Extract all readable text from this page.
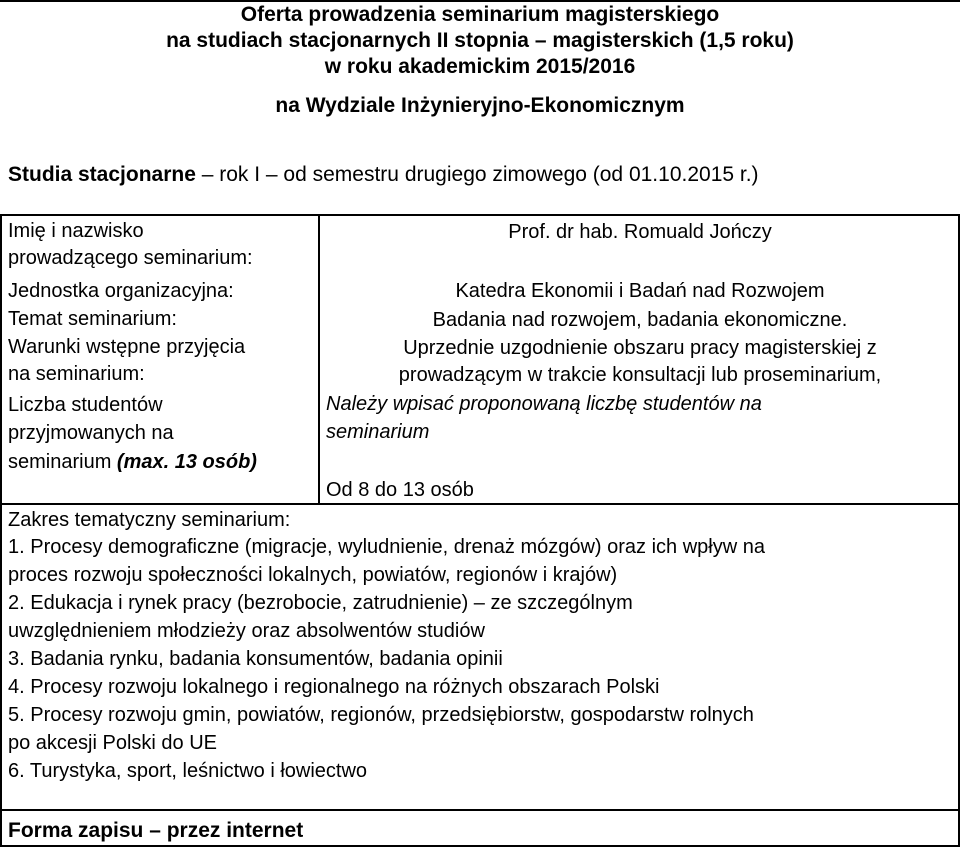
Oferta prowadzenia seminarium magisterskiego
na studiach stacjonarnych II stopnia – magisterskich (1,5 roku)
w roku akademickim 2015/2016
na Wydziale Inżynieryjno-Ekonomicznym
Studia stacjonarne – rok I – od semestru drugiego zimowego (od 01.10.2015 r.)
Imię i nazwisko
prowadzącego seminarium:
Jednostka organizacyjna:
Temat seminarium:
Warunki wstępne przyjęcia
na seminarium:
Liczba studentów
przyjmowanych na
seminarium (max. 13 osób)
Prof. dr hab. Romuald Jończy
Katedra Ekonomii i Badań nad Rozwojem
Badania nad rozwojem, badania ekonomiczne.
Uprzednie uzgodnienie obszaru pracy magisterskiej z
prowadzącym w trakcie konsultacji lub proseminarium,
Należy wpisać proponowaną liczbę studentów na
seminarium
Od 8 do 13 osób
Zakres tematyczny seminarium:
1. Procesy demograficzne (migracje, wyludnienie, drenaż mózgów) oraz ich wpływ na
proces rozwoju społeczności lokalnych, powiatów, regionów i krajów)
2. Edukacja i rynek pracy (bezrobocie, zatrudnienie) – ze szczególnym
uwzględnieniem młodzieży oraz absolwentów studiów
3. Badania rynku, badania konsumentów, badania opinii
4. Procesy rozwoju lokalnego i regionalnego na różnych obszarach Polski
5. Procesy rozwoju gmin, powiatów, regionów, przedsiębiorstw, gospodarstw rolnych
po akcesji Polski do UE
6. Turystyka, sport, leśnictwo i łowiectwo
Forma zapisu – przez internet
